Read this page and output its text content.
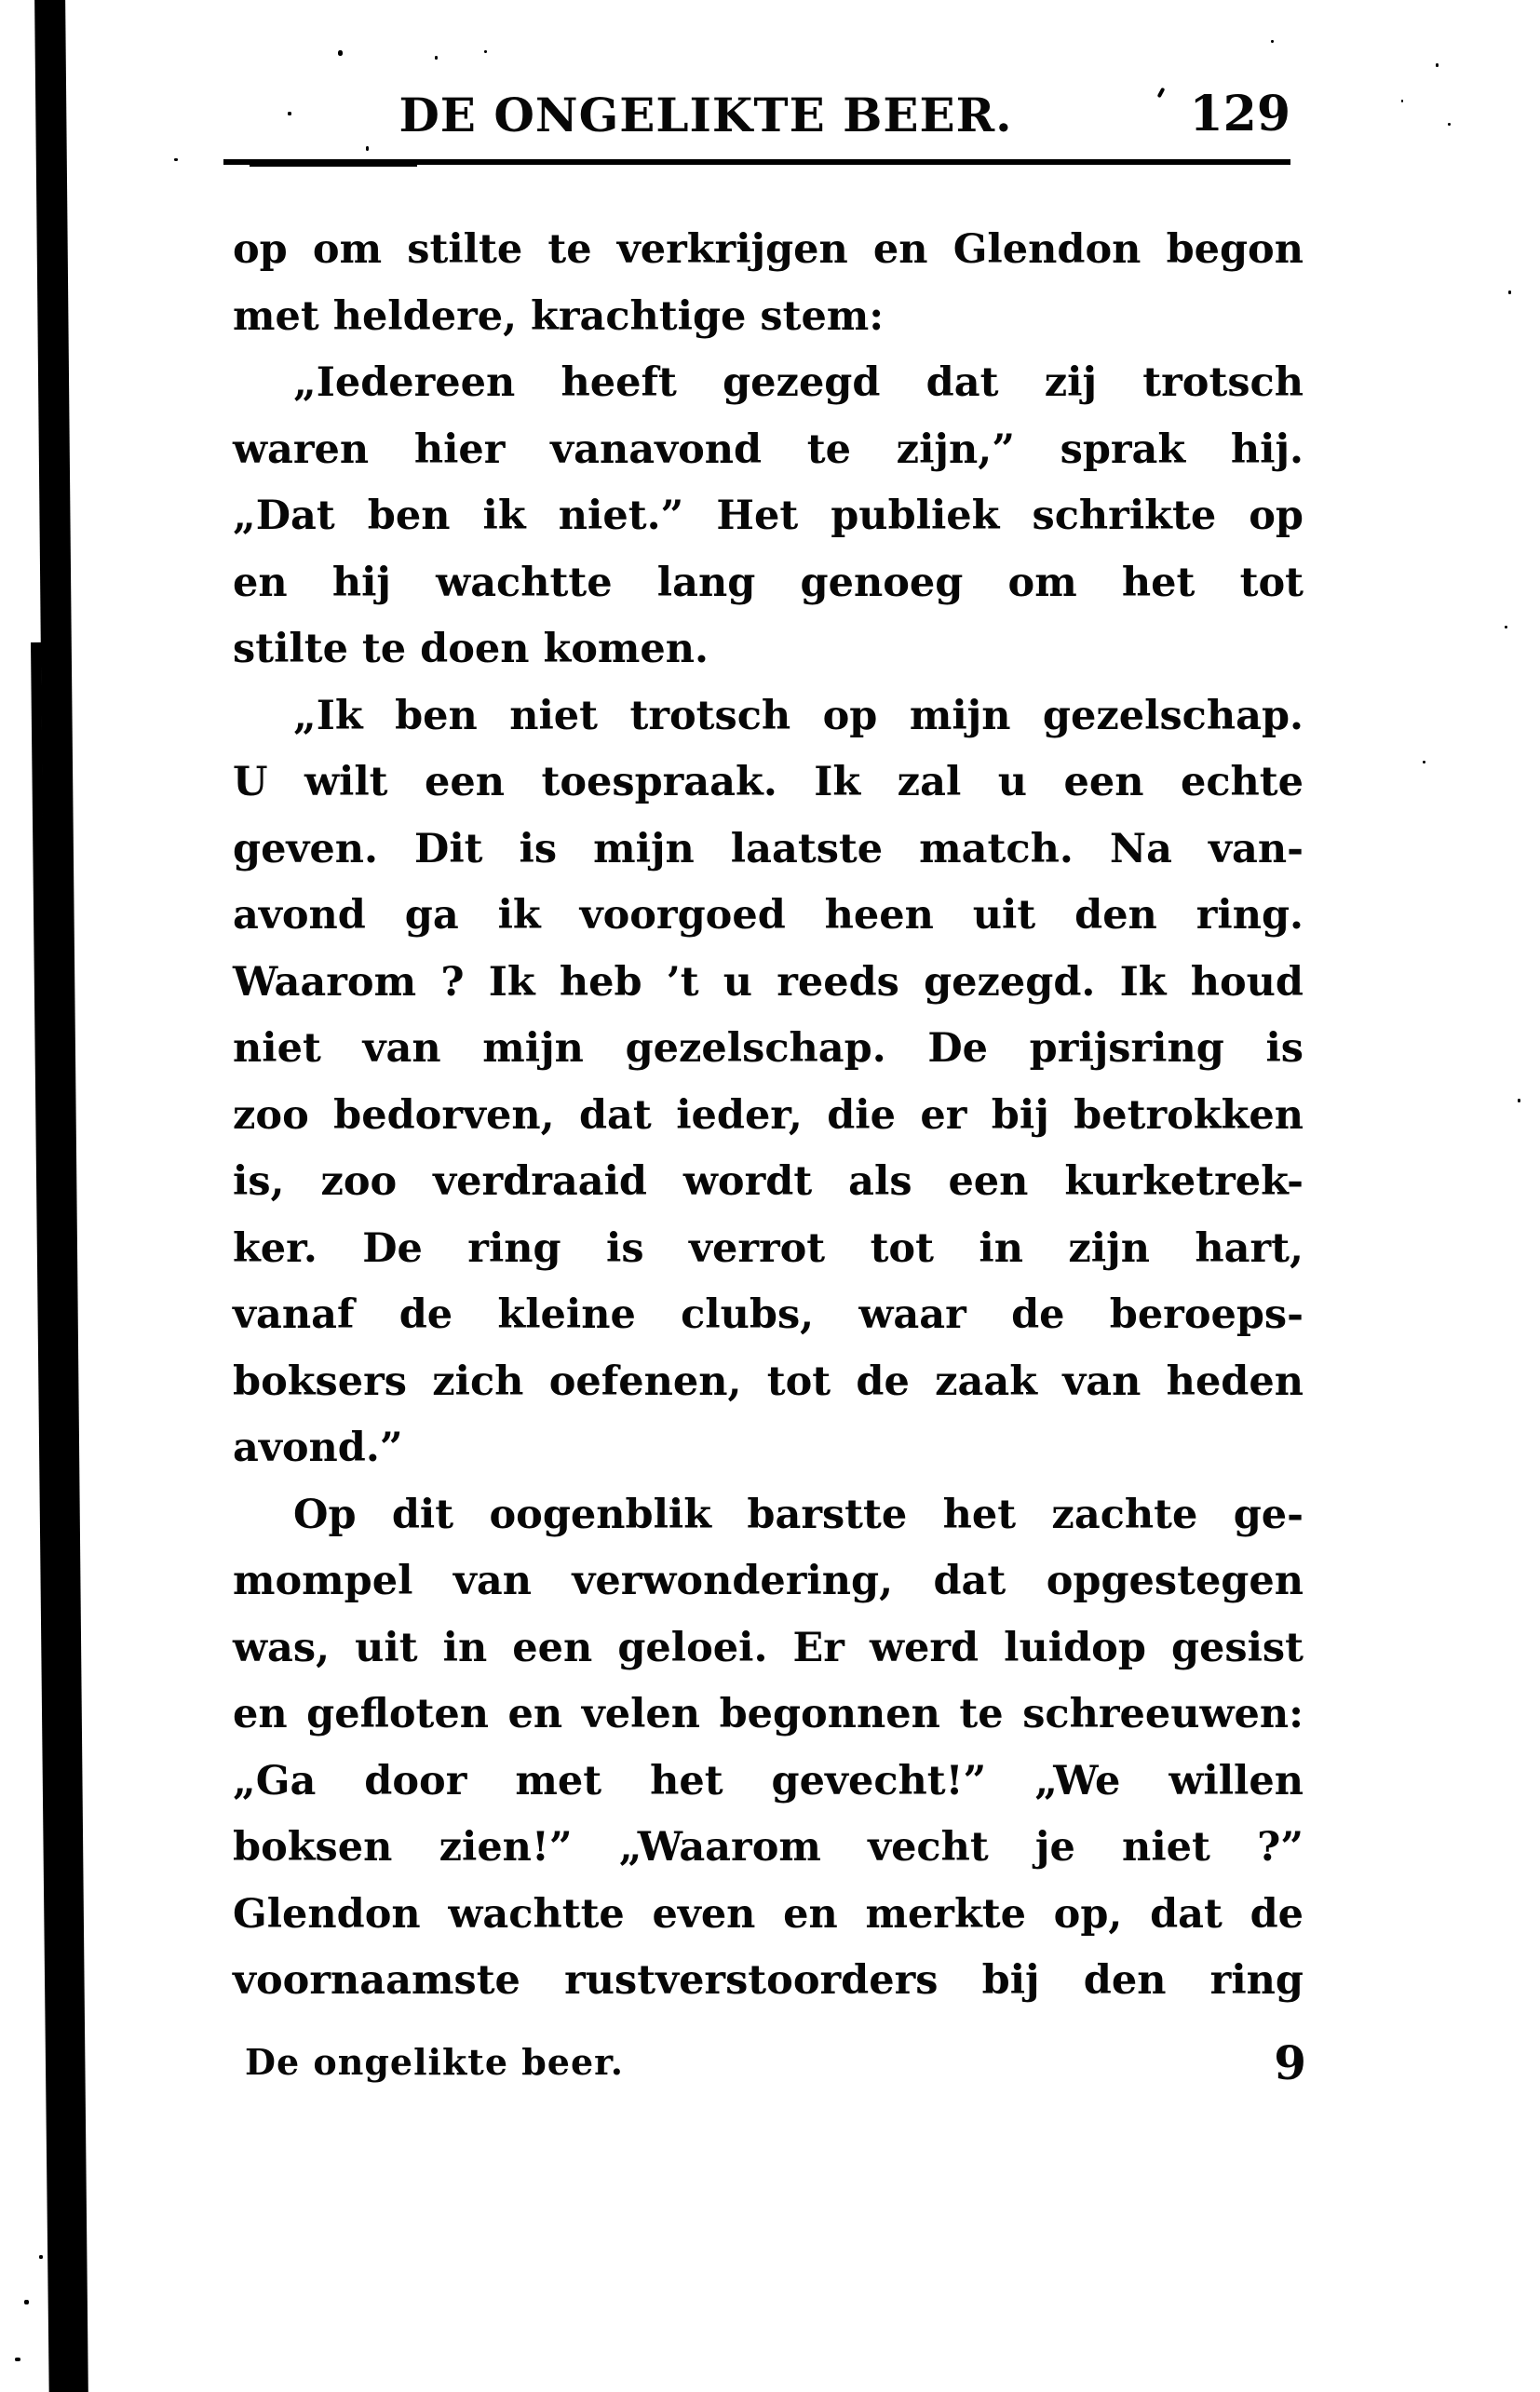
DE ONGELIKTE BEER.	129
op om stilte te verkrijgen en Glendon begon
met heldere, krachtige stem:
„Iedereen heeft gezegd dat zij trotsch
waren hier vanavond te zijn,” sprak hij.
„Dat ben ik niet.” Het publiek schrikte op
en hij wachtte lang genoeg om het tot
stilte te doen komen.
„Ik ben niet trotsch op mijn gezelschap.
U wilt een toespraak. Ik zal u een echte
geven. Dit is mijn laatste match. Na van-
avond ga ik voorgoed heen uit den ring.
Waarom ? Ik heb ’t u reeds gezegd. Ik houd
niet van mijn gezelschap. De prijsring is
zoo bedorven, dat ieder, die er bij betrokken
is, zoo verdraaid wordt als een kurketrek-
ker. De ring is verrot tot in zijn hart,
vanaf de kleine clubs, waar de beroeps-
boksers zich oefenen, tot de zaak van heden
avond.”
Op dit oogenblik barstte het zachte ge-
mompel van verwondering, dat opgestegen
was, uit in een geloei. Er werd luidop gesist
en gefloten en velen begonnen te schreeuwen:
„Ga door met het gevecht!” „We willen
boksen zien!” „Waarom vecht je niet ?”
Glendon wachtte even en merkte op, dat de
voornaamste rustverstoorders bij den ring
De ongelikte beer.	9
